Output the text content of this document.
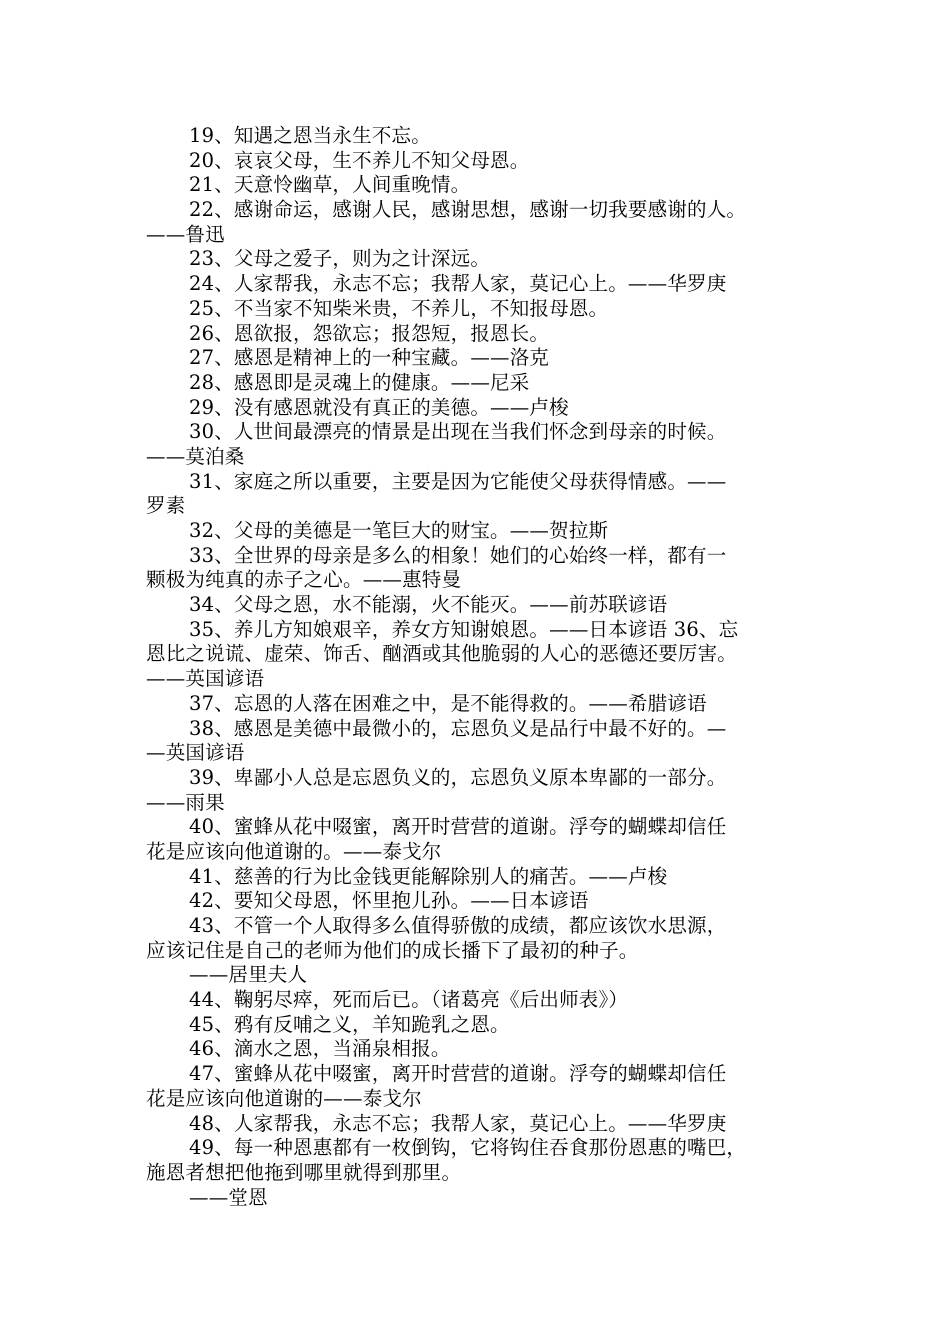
19、知遇之恩当永生不忘。
20、哀哀父母，生不养儿不知父母恩。
21、天意怜幽草，人间重晚情。
22、感谢命运，感谢人民，感谢思想，感谢一切我要感谢的人。
——鲁迅
23、父母之爱子，则为之计深远。
24、人家帮我，永志不忘；我帮人家，莫记心上。——华罗庚
25、不当家不知柴米贵，不养儿，不知报母恩。
26、恩欲报，怨欲忘；报怨短，报恩长。
27、感恩是精神上的一种宝藏。——洛克
28、感恩即是灵魂上的健康。——尼采
29、没有感恩就没有真正的美德。——卢梭
30、人世间最漂亮的情景是出现在当我们怀念到母亲的时候。
——莫泊桑
31、家庭之所以重要，主要是因为它能使父母获得情感。——
罗素
32、父母的美德是一笔巨大的财宝。——贺拉斯
33、全世界的母亲是多么的相象！她们的心始终一样，都有一
颗极为纯真的赤子之心。——惠特曼
34、父母之恩，水不能溺，火不能灭。——前苏联谚语
35、养儿方知娘艰辛，养女方知谢娘恩。——日本谚语 36、忘
恩比之说谎、虚荣、饰舌、酗酒或其他脆弱的人心的恶德还要厉害。
——英国谚语
37、忘恩的人落在困难之中，是不能得救的。——希腊谚语
38、感恩是美德中最微小的，忘恩负义是品行中最不好的。—
—英国谚语
39、卑鄙小人总是忘恩负义的，忘恩负义原本卑鄙的一部分。
——雨果
40、蜜蜂从花中啜蜜，离开时营营的道谢。浮夸的蝴蝶却信任
花是应该向他道谢的。——泰戈尔
41、慈善的行为比金钱更能解除别人的痛苦。——卢梭
42、要知父母恩，怀里抱儿孙。——日本谚语
43、不管一个人取得多么值得骄傲的成绩，都应该饮水思源，
应该记住是自己的老师为他们的成长播下了最初的种子。
——居里夫人
44、鞠躬尽瘁，死而后已。（诸葛亮《后出师表》）
45、鸦有反哺之义，羊知跪乳之恩。
46、滴水之恩，当涌泉相报。
47、蜜蜂从花中啜蜜，离开时营营的道谢。浮夸的蝴蝶却信任
花是应该向他道谢的——泰戈尔
48、人家帮我，永志不忘；我帮人家，莫记心上。——华罗庚
49、每一种恩惠都有一枚倒钩，它将钩住吞食那份恩惠的嘴巴，
施恩者想把他拖到哪里就得到那里。
——堂恩
